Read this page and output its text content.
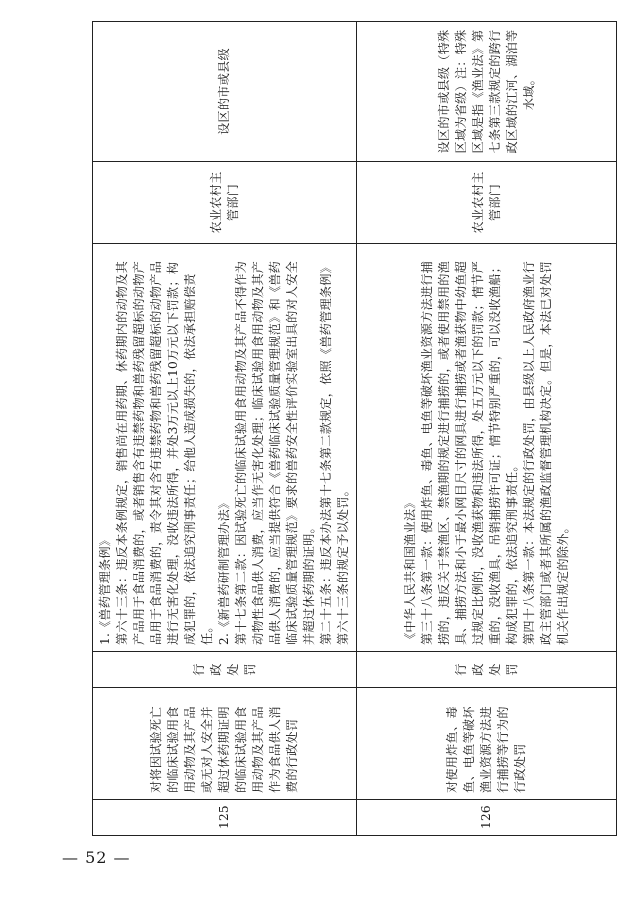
125	对将因试验死亡的临床试验用食用动物及其产品或无对人安全并超过休药期证明的临床试验用食用动物及其产品作为食品供人消费的行政处罚	行政处罚	1.《兽药管理条例》 第六十三条：违反本条例规定，销售尚在用药期、休药期内的动物及其产品用于食品消费的，或者销售含有违禁药物和兽药残留超标的动物产品用于食品消费的，责令其对含有违禁药物和兽药残留超标的动物产品进行无害化处理，没收违法所得，并处3万元以上10万元以下罚款；构成犯罪的，依法追究刑事责任；给他人造成损失的，依法承担赔偿责任。 2.《新兽药研制管理办法》 第十七条第二款：因试验死亡的临床试验用食用动物及其产品不得作为动物性食品供人消费，应当作无害化处理；临床试验用食用动物及其产品供人消费的，应当提供符合《兽药临床试验质量管理规范》和《兽药临床试验质量管理规范》要求的兽药安全性评价实验室出具的对人安全并超过休药期的证明。 第二十五条：违反本办法第十七条第二款规定，依照《兽药管理条例》第六十三条的规定予以处罚。	农业农村主管部门	设区的市或县级
126	对使用炸鱼、毒鱼、电鱼等破坏渔业资源方法进行捕捞等行为的行政处罚	行政处罚	《中华人民共和国渔业法》 第三十八条第一款：使用炸鱼、毒鱼、电鱼等破坏渔业资源方法进行捕捞的，违反关于禁渔区、禁渔期的规定进行捕捞的，或者使用禁用的渔具、捕捞方法和小于最小网目尺寸的网具进行捕捞或者渔获物中幼鱼超过规定比例的，没收渔获物和违法所得，处五万元以下的罚款；情节严重的，没收渔具，吊销捕捞许可证；情节特别严重的，可以没收渔船；构成犯罪的，依法追究刑事责任。 第四十八条第一款：本法规定的行政处罚，由县级以上人民政府渔业行政主管部门或者其所属的渔政监督管理机构决定。但是，本法已对处罚机关作出规定的除外。	农业农村主管部门	设区的市或县级（特殊区域为省级）注：特殊区域是指《渔业法》第七条第三款规定的跨行政区域的江河、湖泊等水域。
— 52 —
